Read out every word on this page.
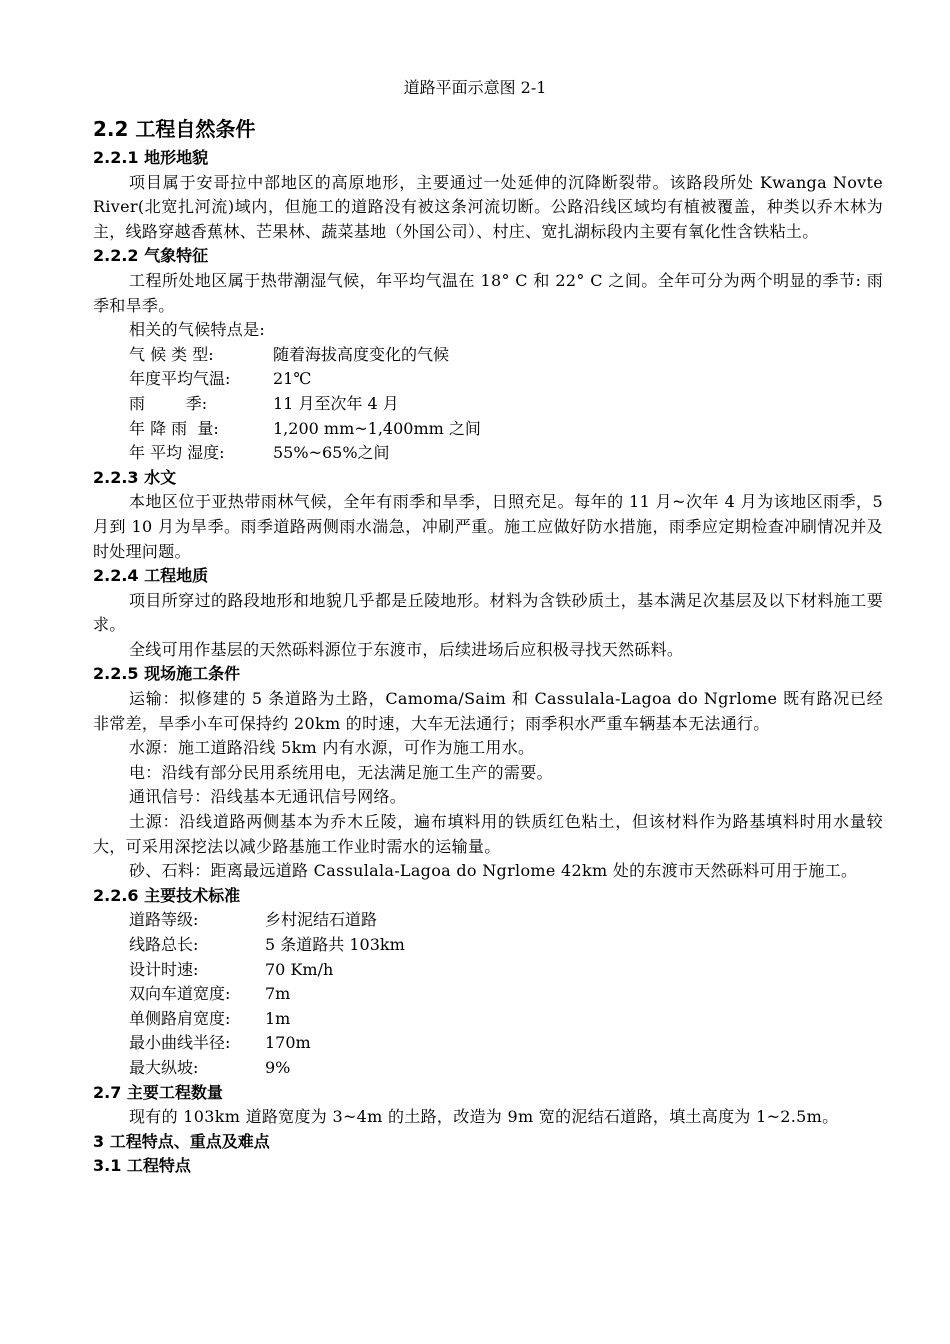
道路平面示意图 2-1
2.2 工程自然条件
2.2.1 地形地貌
项目属于安哥拉中部地区的高原地形，主要通过一处延伸的沉降断裂带。该路段所处 Kwanga Novte River(北宽扎河流)域内，但施工的道路没有被这条河流切断。公路沿线区域均有植被覆盖，种类以乔木林为主，线路穿越香蕉林、芒果林、蔬菜基地（外国公司）、村庄、宽扎湖标段内主要有氧化性含铁粘土。
2.2.2 气象特征
工程所处地区属于热带潮湿气候，年平均气温在 18° C 和 22° C 之间。全年可分为两个明显的季节: 雨季和旱季。
相关的气候特点是:
气 候 类 型:	随着海拔高度变化的气候
年度平均气温:	21℃
雨        季:	11 月至次年 4 月
年 降 雨  量:	1,200 mm~1,400mm 之间
年 平均 湿度:	55%~65%之间
2.2.3 水文
本地区位于亚热带雨林气候，全年有雨季和旱季，日照充足。每年的 11 月~次年 4 月为该地区雨季，5 月到 10 月为旱季。雨季道路两侧雨水湍急，冲刷严重。施工应做好防水措施，雨季应定期检查冲刷情况并及时处理问题。
2.2.4 工程地质
项目所穿过的路段地形和地貌几乎都是丘陵地形。材料为含铁砂质土，基本满足次基层及以下材料施工要求。
全线可用作基层的天然砾料源位于东渡市，后续进场后应积极寻找天然砾料。
2.2.5 现场施工条件
运输：拟修建的 5 条道路为土路，Camoma/Saim 和 Cassulala-Lagoa do Ngrlome 既有路况已经非常差，旱季小车可保持约 20km 的时速，大车无法通行；雨季积水严重车辆基本无法通行。
水源：施工道路沿线 5km 内有水源，可作为施工用水。
电：沿线有部分民用系统用电，无法满足施工生产的需要。
通讯信号：沿线基本无通讯信号网络。
土源：沿线道路两侧基本为乔木丘陵，遍布填料用的铁质红色粘土，但该材料作为路基填料时用水量较大，可采用深挖法以减少路基施工作业时需水的运输量。
砂、石料：距离最远道路 Cassulala-Lagoa do Ngrlome 42km 处的东渡市天然砾料可用于施工。
2.2.6 主要技术标准
道路等级:	乡村泥结石道路
线路总长:	5 条道路共 103km
设计时速:	70 Km/h
双向车道宽度:	7m
单侧路肩宽度:	1m
最小曲线半径:	170m
最大纵坡:	9%
2.7 主要工程数量
现有的 103km 道路宽度为 3~4m 的土路，改造为 9m 宽的泥结石道路，填土高度为 1~2.5m。
3 工程特点、重点及难点
3.1 工程特点
